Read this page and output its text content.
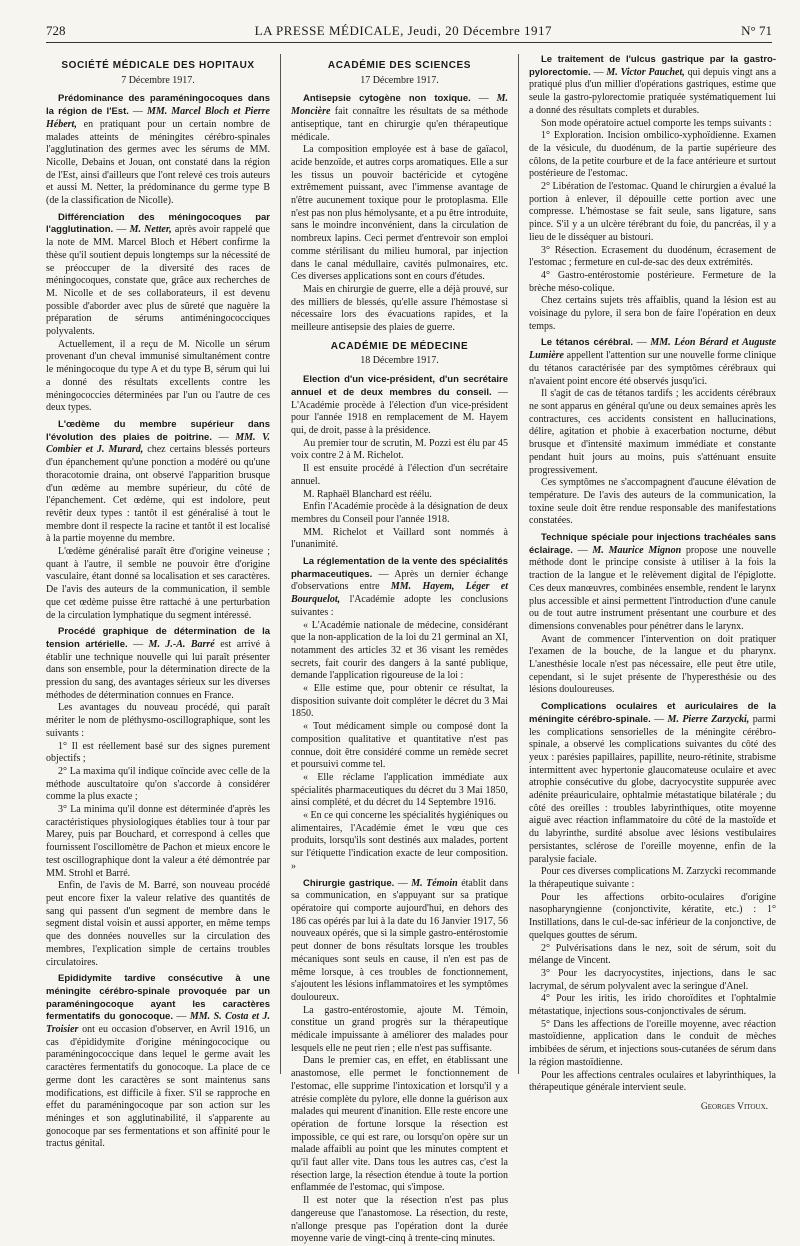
728	LA PRESSE MÉDICALE, Jeudi, 20 Décembre 1917	N° 71
SOCIÉTÉ MÉDICALE DES HOPITAUX
7 Décembre 1917.

Prédominance des paraméningocoques dans la région de l'Est. — MM. Marcel Bloch et Pierre Hébert, en pratiquant pour un certain nombre de malades atteints de méningites cérébro-spinales l'agglutination des germes avec les sérums de MM. Nicolle, Debains et Jouan, ont constaté dans la région de l'Est, ainsi d'ailleurs que l'ont relevé ces trois auteurs et aussi M. Netter, la prédominance du germe type B (de la classification de Nicolle).

Différenciation des méningocoques par l'agglutination. — M. Netter, après avoir rappelé que la note de MM. Marcel Bloch et Hébert confirme la thèse qu'il soutient depuis longtemps sur la nécessité de se préoccuper de la diversité des races de méningocoques, constate que, grâce aux recherches de M. Nicolle et de ses collaborateurs, il est devenu possible d'aborder avec plus de sûreté que naguère la préparation de sérums antiméningococciques polyvalents.

Actuellement, il a reçu de M. Nicolle un sérum provenant d'un cheval immunisé simultanément contre le méningocoque du type A et du type B, sérum qui lui a donné des résultats excellents contre les méningococcies déterminées par l'un ou l'autre de ces deux types.

L'œdème du membre supérieur dans l'évolution des plaies de poitrine. — MM. V. Combier et J. Murard, chez certains blessés porteurs d'un épanchement qu'une ponction a modéré ou qu'une thoracotomie draina, ont observé l'apparition brusque d'un œdème au membre supérieur, du côté de l'épanchement. Cet œdème, qui est indolore, peut revêtir deux types : tantôt il est généralisé à tout le membre dont il respecte la racine et tantôt il est localisé à la partie moyenne du membre.

L'œdème généralisé paraît être d'origine veineuse ; quant à l'autre, il semble ne pouvoir être d'origine vasculaire, étant donné sa localisation et ses caractères. De l'avis des auteurs de la communication, il semble que cet œdème puisse être rattaché à une perturbation de la circulation lymphatique du segment intéressé.

Procédé graphique de détermination de la tension artérielle. — M. J.-A. Barré est arrivé à établir une technique nouvelle qui lui paraît présenter dans son ensemble, pour la détermination directe de la pression du sang, des avantages sérieux sur les diverses méthodes de détermination connues en France.

Les avantages du nouveau procédé, qui paraît mériter le nom de pléthysmo-oscillographique, sont les suivants :

1° Il est réellement basé sur des signes purement objectifs ;

2° La maxima qu'il indique coïncide avec celle de la méthode auscultatoire qu'on s'accorde à considérer comme la plus exacte ;

3° La minima qu'il donne est déterminée d'après les caractéristiques physiologiques établies tour à tour par Marey, puis par Bouchard, et correspond à celles que fournissent l'oscillomètre de Pachon et mieux encore le test oscillographique dont la valeur a été démontrée par MM. Strohl et Barré.

Enfin, de l'avis de M. Barré, son nouveau procédé peut encore fixer la valeur relative des quantités de sang qui passent d'un segment de membre dans le segment distal voisin et aussi apporter, en même temps que des données nouvelles sur la circulation des membres, l'explication simple de certains troubles circulatoires.

Epididymite tardive consécutive à une méningite cérébro-spinale provoquée par un paraméningocoque ayant les caractères fermentatifs du gonocoque. — MM. S. Costa et J. Troisier ont eu occasion d'observer, en Avril 1916, un cas d'épididymite d'origine méningococique ou paraméningococcique dans lequel le germe avait les caractères fermentatifs du gonocoque. La place de ce germe dont les caractères se sont maintenus sans modifications, est difficile à fixer. S'il se rapproche en effet du paraméningocoque par son action sur les méninges et son agglutinabilité, il s'apparente au gonocoque par ses fermentations et son affinité pour le tractus génital.

ACADÉMIE DES SCIENCES
17 Décembre 1917.

Antisepsie cytogène non toxique. — M. Moncière fait connaître les résultats de sa méthode antiseptique, tant en chirurgie qu'en thérapeutique médicale.

La composition employée est à base de gaïacol, acide benzoïde, et autres corps aromatiques. Elle a sur les tissus un pouvoir bactéricide et cytogène extrêmement puissant, avec l'immense avantage de n'être aucunement toxique pour le protoplasma. Elle n'est pas non plus hémolysante, et a pu être introduite, sans le moindre inconvénient, dans la circulation de nombreux lapins. Ceci permet d'entrevoir son emploi comme stérilisant du milieu humoral, par injection dans le canal médullaire, cavités pulmonaires, etc. Ces diverses applications sont en cours d'études.

Mais en chirurgie de guerre, elle a déjà prouvé, sur des milliers de blessés, qu'elle assure l'hémostase si nécessaire lors des évacuations rapides, et la meilleure antisepsie des plaies de guerre.

ACADÉMIE DE MÉDECINE
18 Décembre 1917.

Election d'un vice-président, d'un secrétaire annuel et de deux membres du conseil. — L'Académie procède à l'élection d'un vice-président pour l'année 1918 en remplacement de M. Hayem qui, de droit, passe à la présidence.

Au premier tour de scrutin, M. Pozzi est élu par 45 voix contre 2 à M. Richelot.

Il est ensuite procédé à l'élection d'un secrétaire annuel.

M. Raphaël Blanchard est réélu.

Enfin l'Académie procède à la désignation de deux membres du Conseil pour l'année 1918.

MM. Richelot et Vaillard sont nommés à l'unanimité.

La réglementation de la vente des spécialités pharmaceutiques. — Après un dernier échange d'observations entre MM. Hayem, Léger et Bourquelot, l'Académie adopte les conclusions suivantes :

« L'Académie nationale de médecine, considérant que la non-application de la loi du 21 germinal an XI, notamment des articles 32 et 36 visant les remèdes secrets, fait courir des dangers à la santé publique, demande l'application rigoureuse de la loi :

« Elle estime que, pour obtenir ce résultat, la disposition suivante doit compléter le décret du 3 Mai 1850.

« Tout médicament simple ou composé dont la composition qualitative et quantitative n'est pas connue, doit être considéré comme un remède secret et poursuivi comme tel.

« Elle réclame l'application immédiate aux spécialités pharmaceutiques du décret du 3 Mai 1850, ainsi complété, et du décret du 14 Septembre 1916.

« En ce qui concerne les spécialités hygiéniques ou alimentaires, l'Académie émet le vœu que ces produits, lorsqu'ils sont destinés aux malades, portent sur l'étiquette l'indication exacte de leur composition. »

Chirurgie gastrique. — M. Témoin établit dans sa communication, en s'appuyant sur sa pratique opératoire qui comporte aujourd'hui, en dehors des 186 cas opérés par lui à la date du 16 Janvier 1917, 56 nouveaux opérés, que si la simple gastro-entérostomie peut donner de bons résultats lorsque les troubles mécaniques sont seuls en cause, il n'en est pas de même lorsque, à ces troubles de fonctionnement, s'ajoutent les lésions inflammatoires et les symptômes douloureux.

La gastro-entérostomie, ajoute M. Témoin, constitue un grand progrès sur la thérapeutique médicale impuissante à améliorer des malades pour lesquels elle ne peut rien ; elle n'est pas suffisante.

Dans le premier cas, en effet, en établissant une anastomose, elle permet le fonctionnement de l'estomac, elle supprime l'intoxication et lorsqu'il y a atrésie complète du pylore, elle donne la guérison aux malades qui meurent d'inanition. Elle reste encore une opération de fortune lorsque la résection est impossible, ce qui est rare, ou lorsqu'on opère sur un malade affaibli au point que les minutes comptent et qu'il faut aller vite. Dans tous les autres cas, c'est la résection large, la résection étendue à toute la portion enflammée de l'estomac, qui s'impose.

Il est noter que la résection n'est pas plus dangereuse que l'anastomose. La résection, du reste, n'allonge presque pas l'opération dont la durée moyenne varie de vingt-cinq à trente-cinq minutes.

Le traitement de l'ulcus gastrique par la gastro-pylorectomie. — M. Victor Pauchet, qui depuis vingt ans a pratiqué plus d'un millier d'opérations gastriques, estime que seule la gastro-pylorectomie pratiquée systématiquement lui a donné des résultats complets et durables.

Son mode opératoire actuel comporte les temps suivants :

1° Exploration. Incision ombilico-xyphoïdienne. Examen de la vésicule, du duodénum, de la partie supérieure des côlons, de la petite courbure et de la face antérieure et surtout postérieure de l'estomac.

2° Libération de l'estomac. Quand le chirurgien a évalué la portion à enlever, il dépouille cette portion avec une compresse. L'hémostase se fait seule, sans ligature, sans pince. S'il y a un ulcère térébrant du foie, du pancréas, il y a lieu de le disséquer au bistouri.

3° Résection. Ecrasement du duodénum, écrasement de l'estomac ; fermeture en cul-de-sac des deux extrémités.

4° Gastro-entérostomie postérieure. Fermeture de la brèche méso-colique.

Chez certains sujets très affaiblis, quand la lésion est au voisinage du pylore, il sera bon de faire l'opération en deux temps.

Le tétanos cérébral. — MM. Léon Bérard et Auguste Lumière appellent l'attention sur une nouvelle forme clinique du tétanos caractérisée par des symptômes cérébraux qui n'avaient point encore été observés jusqu'ici.

Il s'agit de cas de tétanos tardifs ; les accidents cérébraux ne sont apparus en général qu'une ou deux semaines après les contractures, ces accidents consistent en hallucinations, délire, agitation et phobie à exacerbation nocturne, début brusque et d'intensité maximum immédiate et constante pendant huit jours au moins, puis s'atténuant ensuite progressivement.

Ces symptômes ne s'accompagnent d'aucune élévation de température. De l'avis des auteurs de la communication, la toxine seule doit être rendue responsable des manifestations constatées.

Technique spéciale pour injections trachéales sans éclairage. — M. Maurice Mignon propose une nouvelle méthode dont le principe consiste à utiliser à la fois la traction de la langue et le relèvement digital de l'épiglotte. Ces deux manœuvres, combinées ensemble, rendent le larynx plus accessible et ainsi permettent l'introduction d'une canule ou de tout autre instrument présentant une courbure et des dimensions convenables pour pénétrer dans le larynx.

Avant de commencer l'intervention on doit pratiquer l'examen de la bouche, de la langue et du pharynx. L'anesthésie locale n'est pas nécessaire, elle peut être utile, cependant, si le sujet présente de l'hyperesthésie ou des lésions douloureuses.

Complications oculaires et auriculaires de la méningite cérébro-spinale. — M. Pierre Zarzycki, parmi les complications sensorielles de la méningite cérébro-spinale, a observé les complications suivantes du côté des yeux : parésies papillaires, papillite, neuro-rétinite, strabisme intermittent avec hypertonie glaucomateuse oculaire et avec atrophie consécutive du globe, dacryocystite suppurée avec adénite préauriculaire, ophtalmie métastatique bilatérale ; du côté des oreilles : troubles labyrinthiques, otite moyenne aiguë avec réaction inflammatoire du côté de la mastoïde et du labyrinthe, surdité absolue avec lésions vestibulaires persistantes, sclérose de l'oreille moyenne, enfin de la paralysie faciale.

Pour ces diverses complications M. Zarzycki recommande la thérapeutique suivante :

Pour les affections orbito-oculaires d'origine nasopharyngienne (conjonctivite, kératite, etc.) : 1° Instillations, dans le cul-de-sac inférieur de la conjonctive, de quelques gouttes de sérum.

2° Pulvérisations dans le nez, soit de sérum, soit du mélange de Vincent.

3° Pour les dacryocystites, injections, dans le sac lacrymal, de sérum polyvalent avec la seringue d'Anel.

4° Pour les iritis, les irido choroïdites et l'ophtalmie métastatique, injections sous-conjonctivales de sérum.

5° Dans les affections de l'oreille moyenne, avec réaction mastoïdienne, application dans le conduit de mèches imbibées de sérum, et injections sous-cutanées de sérum dans la région mastoïdienne.

Pour les affections centrales oculaires et labyrinthiques, la thérapeutique générale intervient seule.

Georges Vitoux.
